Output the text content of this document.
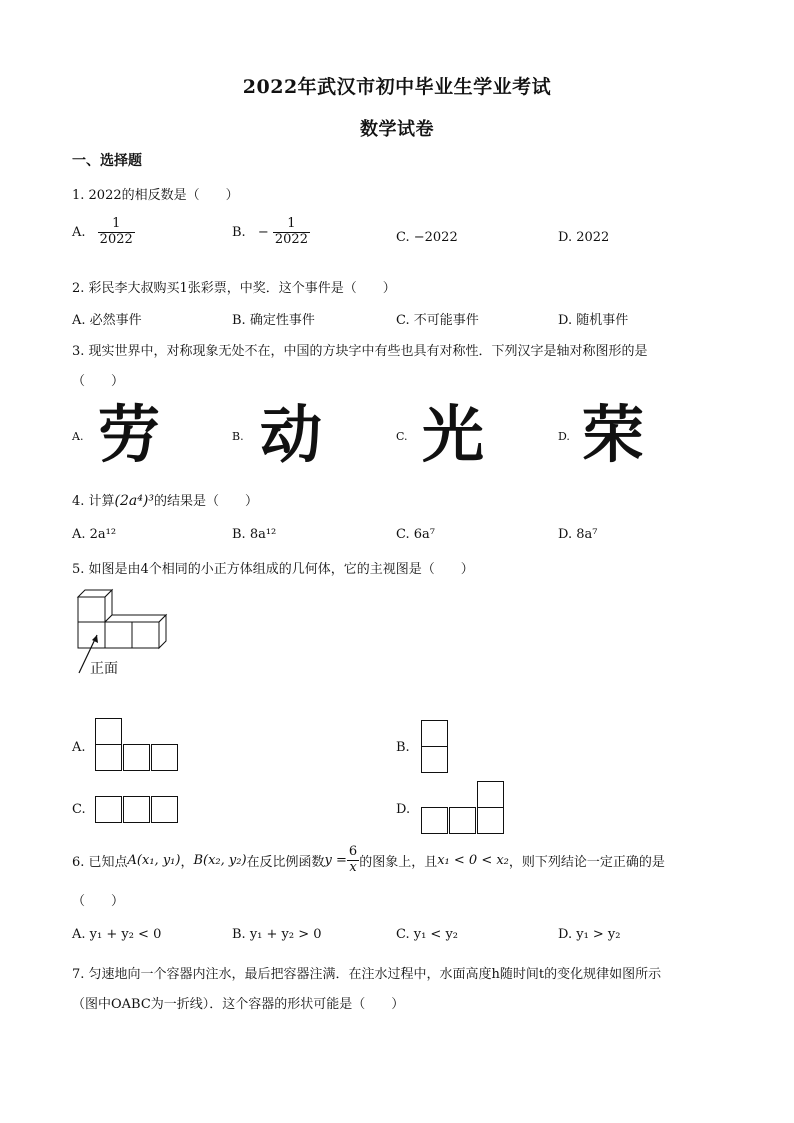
2022年武汉市初中毕业生学业考试
数学试卷
一、选择题
1. 2022的相反数是（　　）
A. $\frac{1}{2022}$	B. − $\frac{1}{2022}$	C. −2022	D. 2022
2. 彩民李大叔购买1张彩票，中奖．这个事件是（　　）
A. 必然事件	B. 确定性事件	C. 不可能事件	D. 随机事件
3. 现实世界中，对称现象无处不在，中国的方块字中有些也具有对称性．下列汉字是轴对称图形的是
（　　）
A. 劳	B. 动	C. 光	D. 荣
4. 计算(2a⁴)³的结果是（　　）
A. 2a¹²	B. 8a¹²	C. 6a⁷	D. 8a⁷
5. 如图是由4个相同的小正方体组成的几何体，它的主视图是（　　）
正面
A.	B.
C.	D.
6. 已知点A(x₁, y₁)，B(x₂, y₂)在反比例函数$y = \frac{6}{x}$ 的图象上，且x₁ < 0 < x₂，则下列结论一定正确的是
（　　）
A. y₁ + y₂ < 0	B. y₁ + y₂ > 0	C. y₁ < y₂	D. y₁ > y₂
7. 匀速地向一个容器内注水，最后把容器注满．在注水过程中，水面高度h随时间t的变化规律如图所示
（图中OABC为一折线）．这个容器的形状可能是（　　）
